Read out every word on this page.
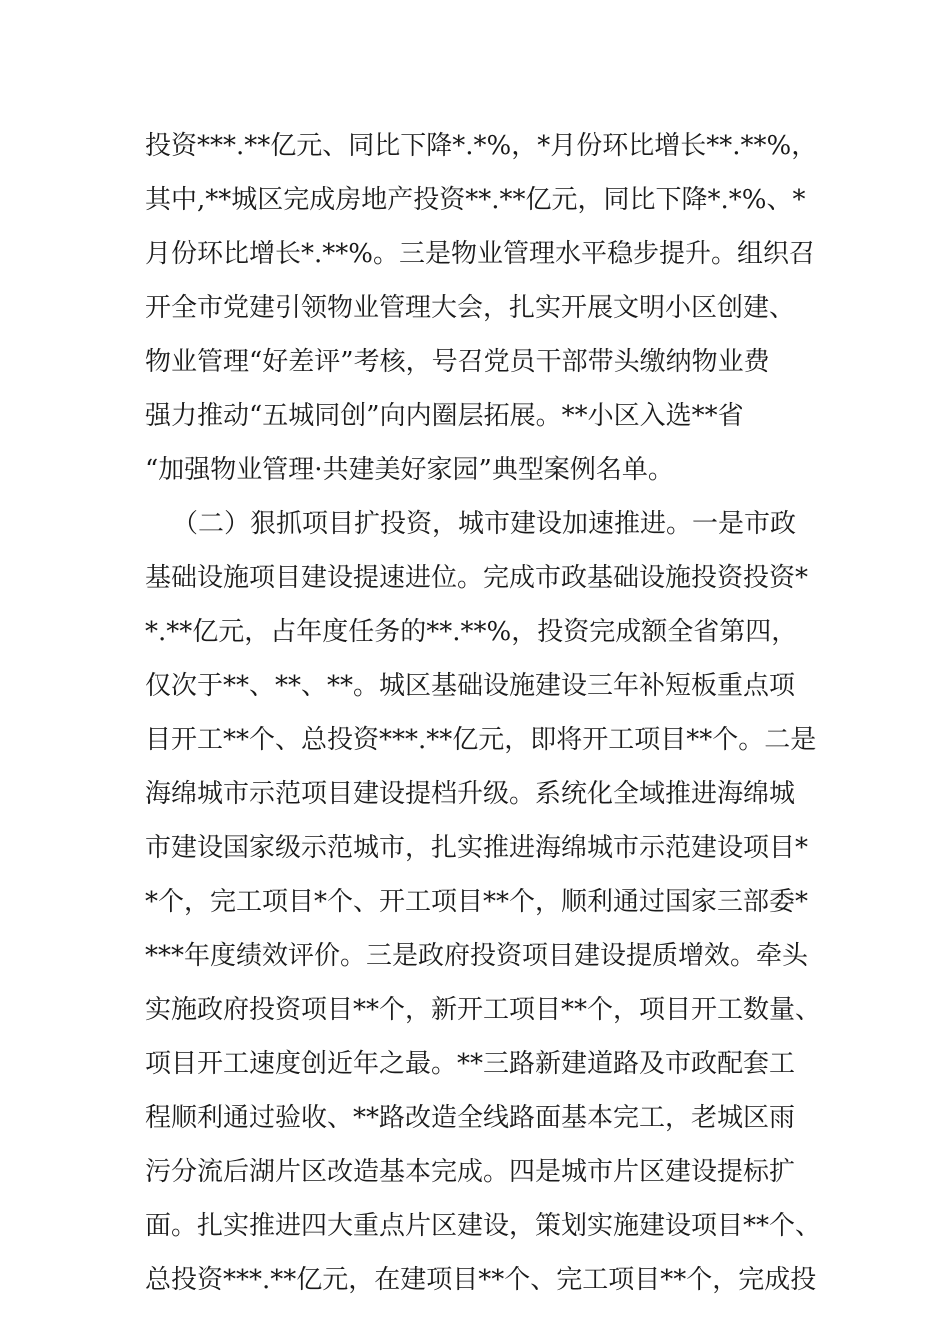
投资***.**亿元、同比下降*.*%，*月份环比增长**.**%，
其中,**城区完成房地产投资**.**亿元，同比下降*.*%、*
月份环比增长*.**%。三是物业管理水平稳步提升。组织召
开全市党建引领物业管理大会，扎实开展文明小区创建、
物业管理“好差评”考核，号召党员干部带头缴纳物业费
强力推动“五城同创”向内圈层拓展。**小区入选**省
“加强物业管理·共建美好家园”典型案例名单。
（二）狠抓项目扩投资，城市建设加速推进。一是市政
基础设施项目建设提速进位。完成市政基础设施投资投资*
*.**亿元，占年度任务的**.**%，投资完成额全省第四，
仅次于**、**、**。城区基础设施建设三年补短板重点项
目开工**个、总投资***.**亿元，即将开工项目**个。二是
海绵城市示范项目建设提档升级。系统化全域推进海绵城
市建设国家级示范城市，扎实推进海绵城市示范建设项目*
*个，完工项目*个、开工项目**个，顺利通过国家三部委*
***年度绩效评价。三是政府投资项目建设提质增效。牵头
实施政府投资项目**个，新开工项目**个，项目开工数量、
项目开工速度创近年之最。**三路新建道路及市政配套工
程顺利通过验收、**路改造全线路面基本完工，老城区雨
污分流后湖片区改造基本完成。四是城市片区建设提标扩
面。扎实推进四大重点片区建设，策划实施建设项目**个、
总投资***.**亿元，在建项目**个、完工项目**个，完成投
